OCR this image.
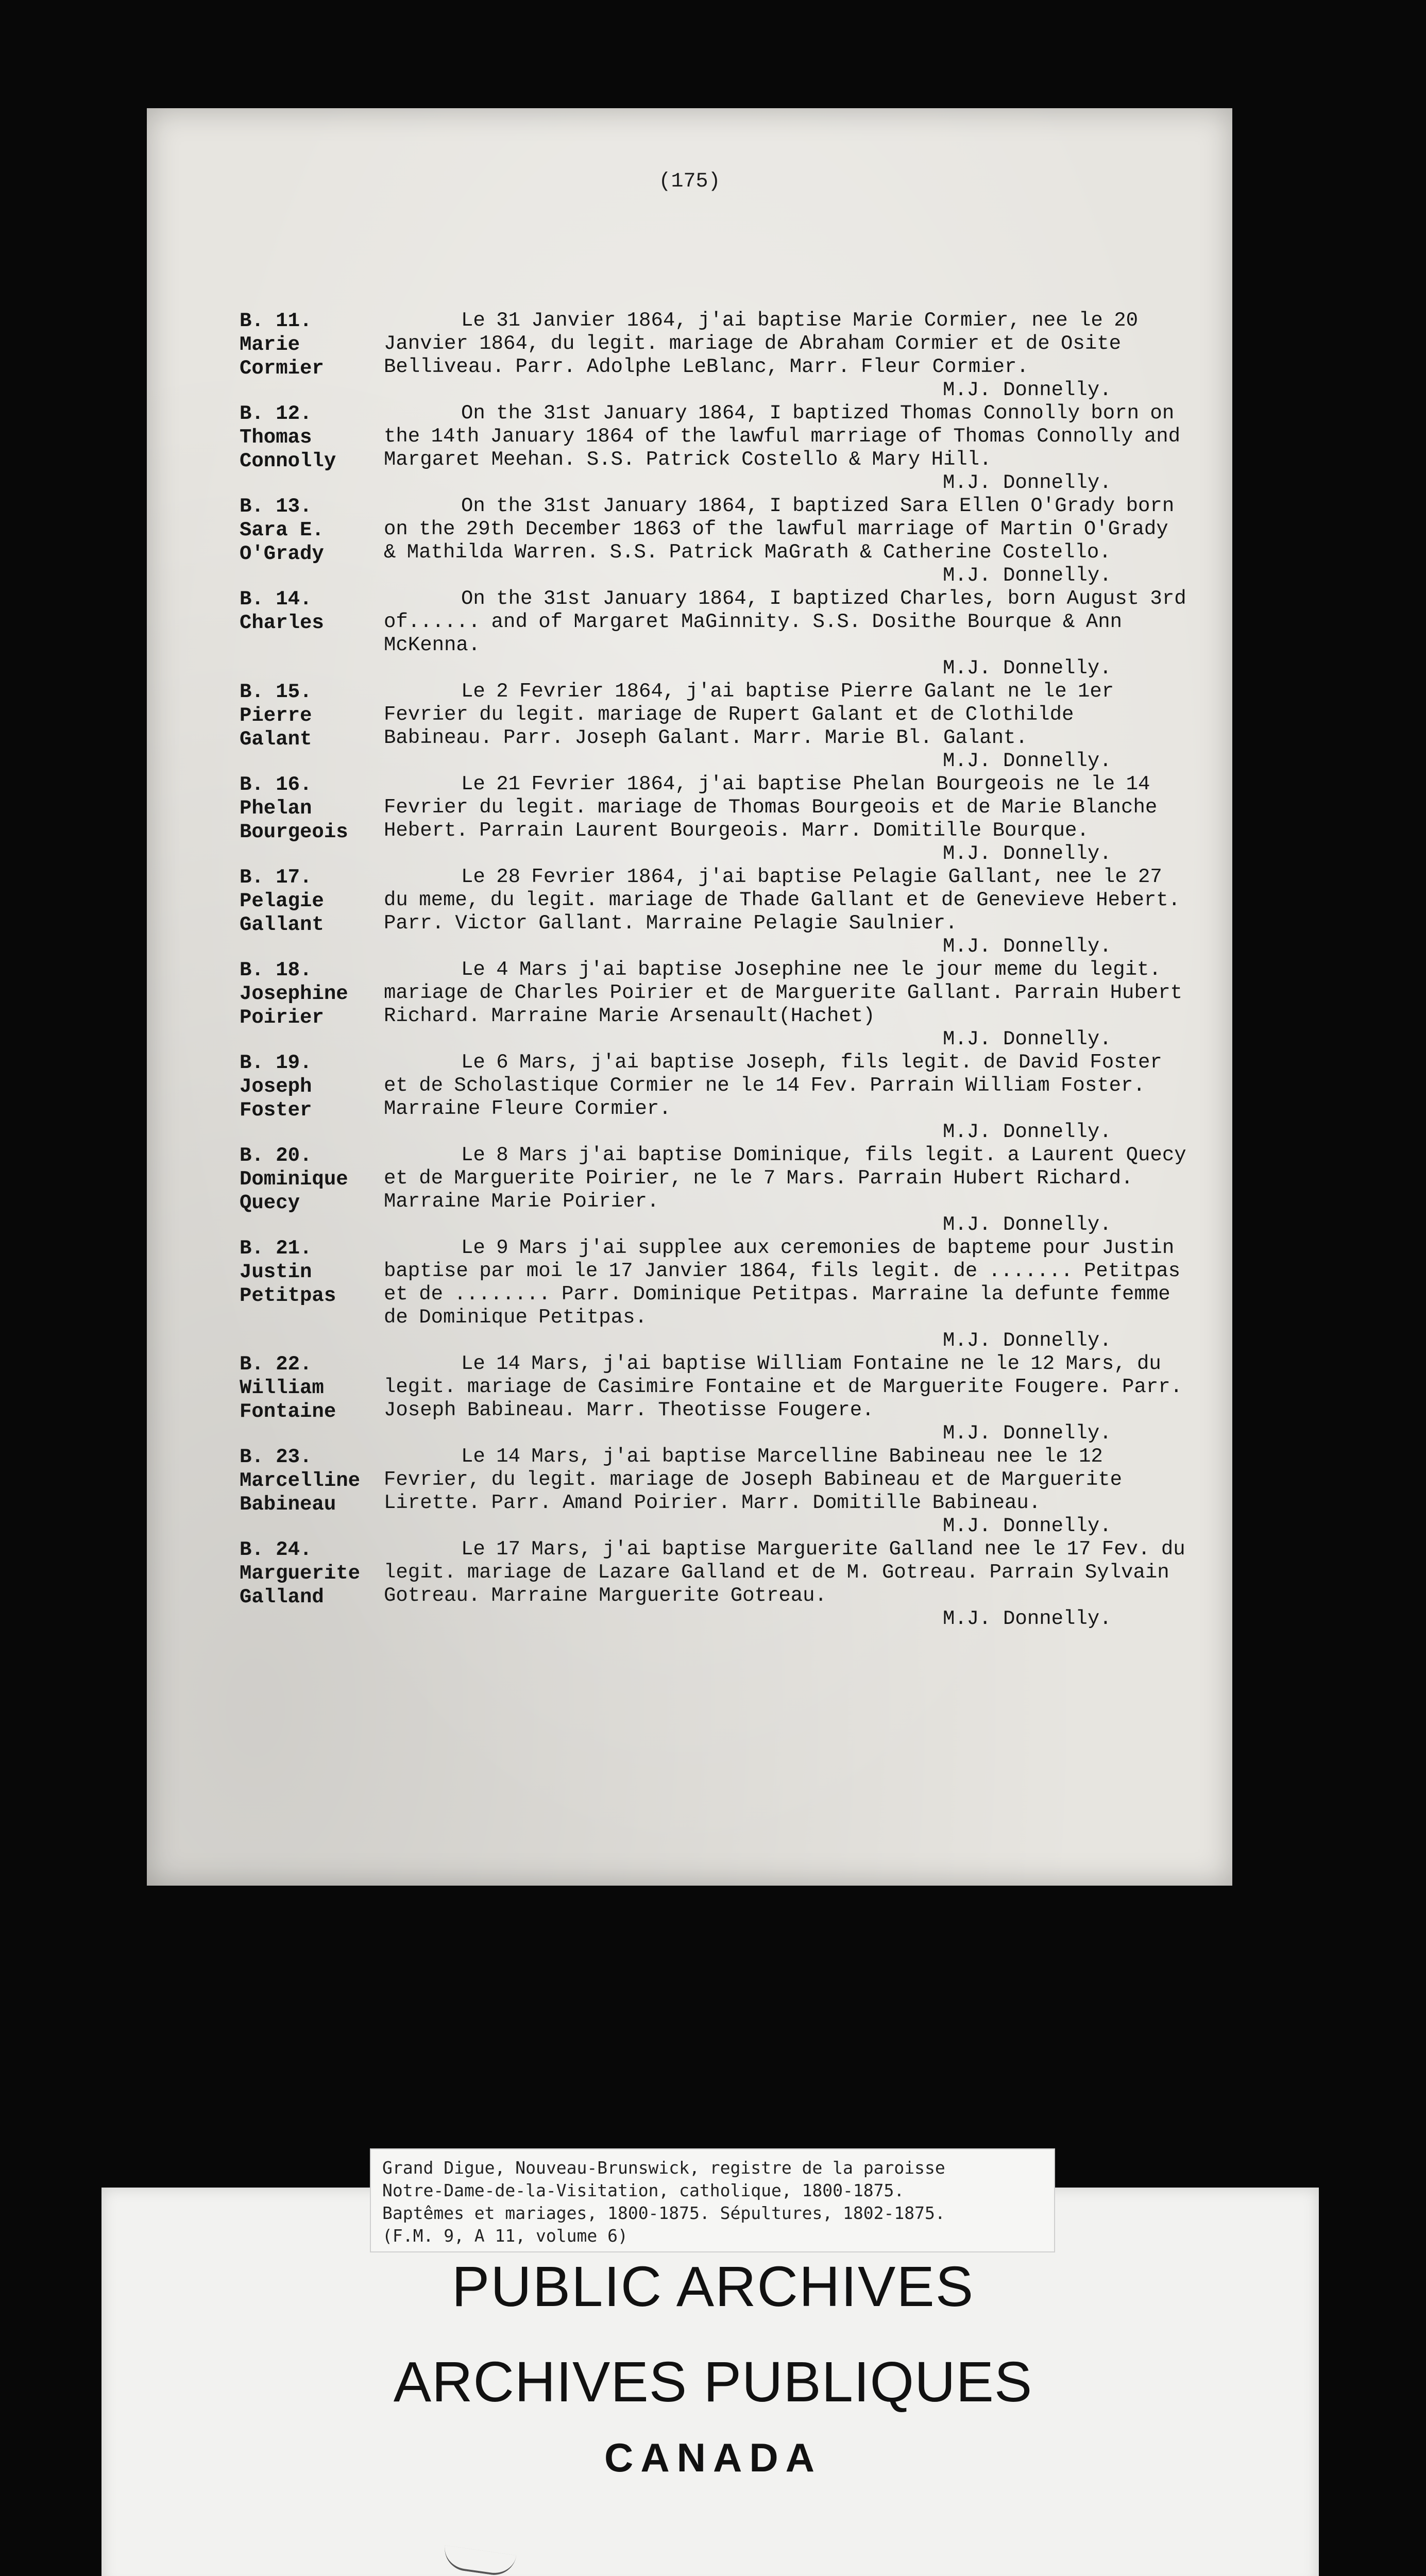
(175)
B. 11.
Marie
Cormier
Le 31 Janvier 1864, j'ai baptise Marie Cormier, nee le 20 Janvier 1864, du legit. mariage de Abraham Cormier et de Osite Belliveau. Parr. Adolphe LeBlanc, Marr. Fleur Cormier.
M.J. Donnelly.
B. 12.
Thomas
Connolly
On the 31st January 1864, I baptized Thomas Connolly born on the 14th January 1864 of the lawful marriage of Thomas Connolly and Margaret Meehan. S.S. Patrick Costello & Mary Hill.
M.J. Donnelly.
B. 13.
Sara E.
O'Grady
On the 31st January 1864, I baptized Sara Ellen O'Grady born on the 29th December 1863 of the lawful marriage of Martin O'Grady & Mathilda Warren. S.S. Patrick MaGrath & Catherine Costello.
M.J. Donnelly.
B. 14.
Charles

On the 31st January 1864, I baptized Charles, born August 3rd of...... and of Margaret MaGinnity. S.S. Dosithe Bourque & Ann McKenna.
M.J. Donnelly.
B. 15.
Pierre
Galant
Le 2 Fevrier 1864, j'ai baptise Pierre Galant ne le 1er Fevrier du legit. mariage de Rupert Galant et de Clothilde Babineau. Parr. Joseph Galant. Marr. Marie Bl. Galant.
M.J. Donnelly.
B. 16.
Phelan
Bourgeois
Le 21 Fevrier 1864, j'ai baptise Phelan Bourgeois ne le 14 Fevrier du legit. mariage de Thomas Bourgeois et de Marie Blanche Hebert. Parrain Laurent Bourgeois. Marr. Domitille Bourque.
M.J. Donnelly.
B. 17.
Pelagie
Gallant
Le 28 Fevrier 1864, j'ai baptise Pelagie Gallant, nee le 27 du meme, du legit. mariage de Thade Gallant et de Genevieve Hebert. Parr. Victor Gallant. Marraine Pelagie Saulnier.
M.J. Donnelly.
B. 18.
Josephine
Poirier
Le 4 Mars j'ai baptise Josephine nee le jour meme du legit. mariage de Charles Poirier et de Marguerite Gallant. Parrain Hubert Richard. Marraine Marie Arsenault(Hachet)
M.J. Donnelly.
B. 19.
Joseph
Foster
Le 6 Mars, j'ai baptise Joseph, fils legit. de David Foster et de Scholastique Cormier ne le 14 Fev. Parrain William Foster. Marraine Fleure Cormier.
M.J. Donnelly.
B. 20.
Dominique
Quecy
Le 8 Mars j'ai baptise Dominique, fils legit. a Laurent Quecy et de Marguerite Poirier, ne le 7 Mars. Parrain Hubert Richard. Marraine Marie Poirier.
M.J. Donnelly.
B. 21.
Justin
Petitpas
Le 9 Mars j'ai supplee aux ceremonies de bapteme pour Justin baptise par moi le 17 Janvier 1864, fils legit. de ....... Petitpas et de ........ Parr. Dominique Petitpas. Marraine la defunte femme de Dominique Petitpas.
M.J. Donnelly.
B. 22.
William
Fontaine
Le 14 Mars, j'ai baptise William Fontaine ne le 12 Mars, du legit. mariage de Casimire Fontaine et de Marguerite Fougere. Parr. Joseph Babineau. Marr. Theotisse Fougere.
M.J. Donnelly.
B. 23.
Marcelline
Babineau
Le 14 Mars, j'ai baptise Marcelline Babineau nee le 12 Fevrier, du legit. mariage de Joseph Babineau et de Marguerite Lirette. Parr. Amand Poirier. Marr. Domitille Babineau.
M.J. Donnelly.
B. 24.
Marguerite
Galland
Le 17 Mars, j'ai baptise Marguerite Galland nee le 17 Fev. du legit. mariage de Lazare Galland et de M. Gotreau. Parrain Sylvain Gotreau. Marraine Marguerite Gotreau.
M.J. Donnelly.
Grand Digue, Nouveau-Brunswick, registre de la paroisse
Notre-Dame-de-la-Visitation, catholique, 1800-1875.
Baptêmes et mariages, 1800-1875. Sépultures, 1802-1875.
(F.M. 9, A 11, volume 6)
PUBLIC ARCHIVES
ARCHIVES PUBLIQUES
CANADA
